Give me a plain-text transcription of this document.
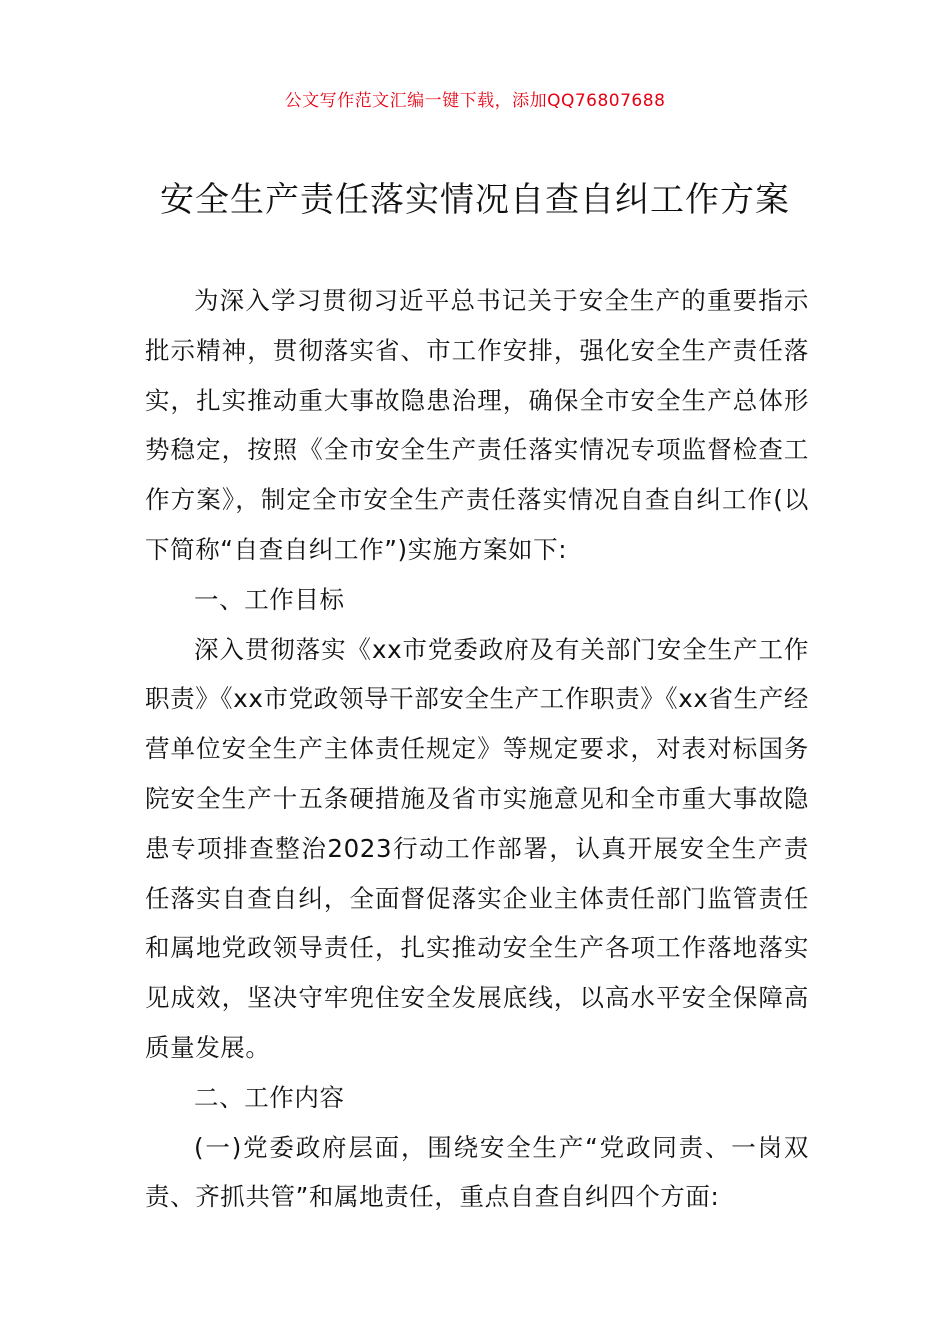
公文写作范文汇编一键下载，添加QQ76807688

安全生产责任落实情况自查自纠工作方案

为深入学习贯彻习近平总书记关于安全生产的重要指示批示精神，贯彻落实省、市工作安排，强化安全生产责任落实，扎实推动重大事故隐患治理，确保全市安全生产总体形势稳定，按照《全市安全生产责任落实情况专项监督检查工作方案》，制定全市安全生产责任落实情况自查自纠工作(以下简称“自查自纠工作”)实施方案如下:

一、工作目标

深入贯彻落实《xx市党委政府及有关部门安全生产工作职责》《xx市党政领导干部安全生产工作职责》《xx省生产经营单位安全生产主体责任规定》等规定要求，对表对标国务院安全生产十五条硬措施及省市实施意见和全市重大事故隐患专项排查整治2023行动工作部署，认真开展安全生产责任落实自查自纠，全面督促落实企业主体责任部门监管责任和属地党政领导责任，扎实推动安全生产各项工作落地落实见成效，坚决守牢兜住安全发展底线，以高水平安全保障高质量发展。

二、工作内容

(一)党委政府层面，围绕安全生产“党政同责、一岗双责、齐抓共管”和属地责任，重点自查自纠四个方面:
